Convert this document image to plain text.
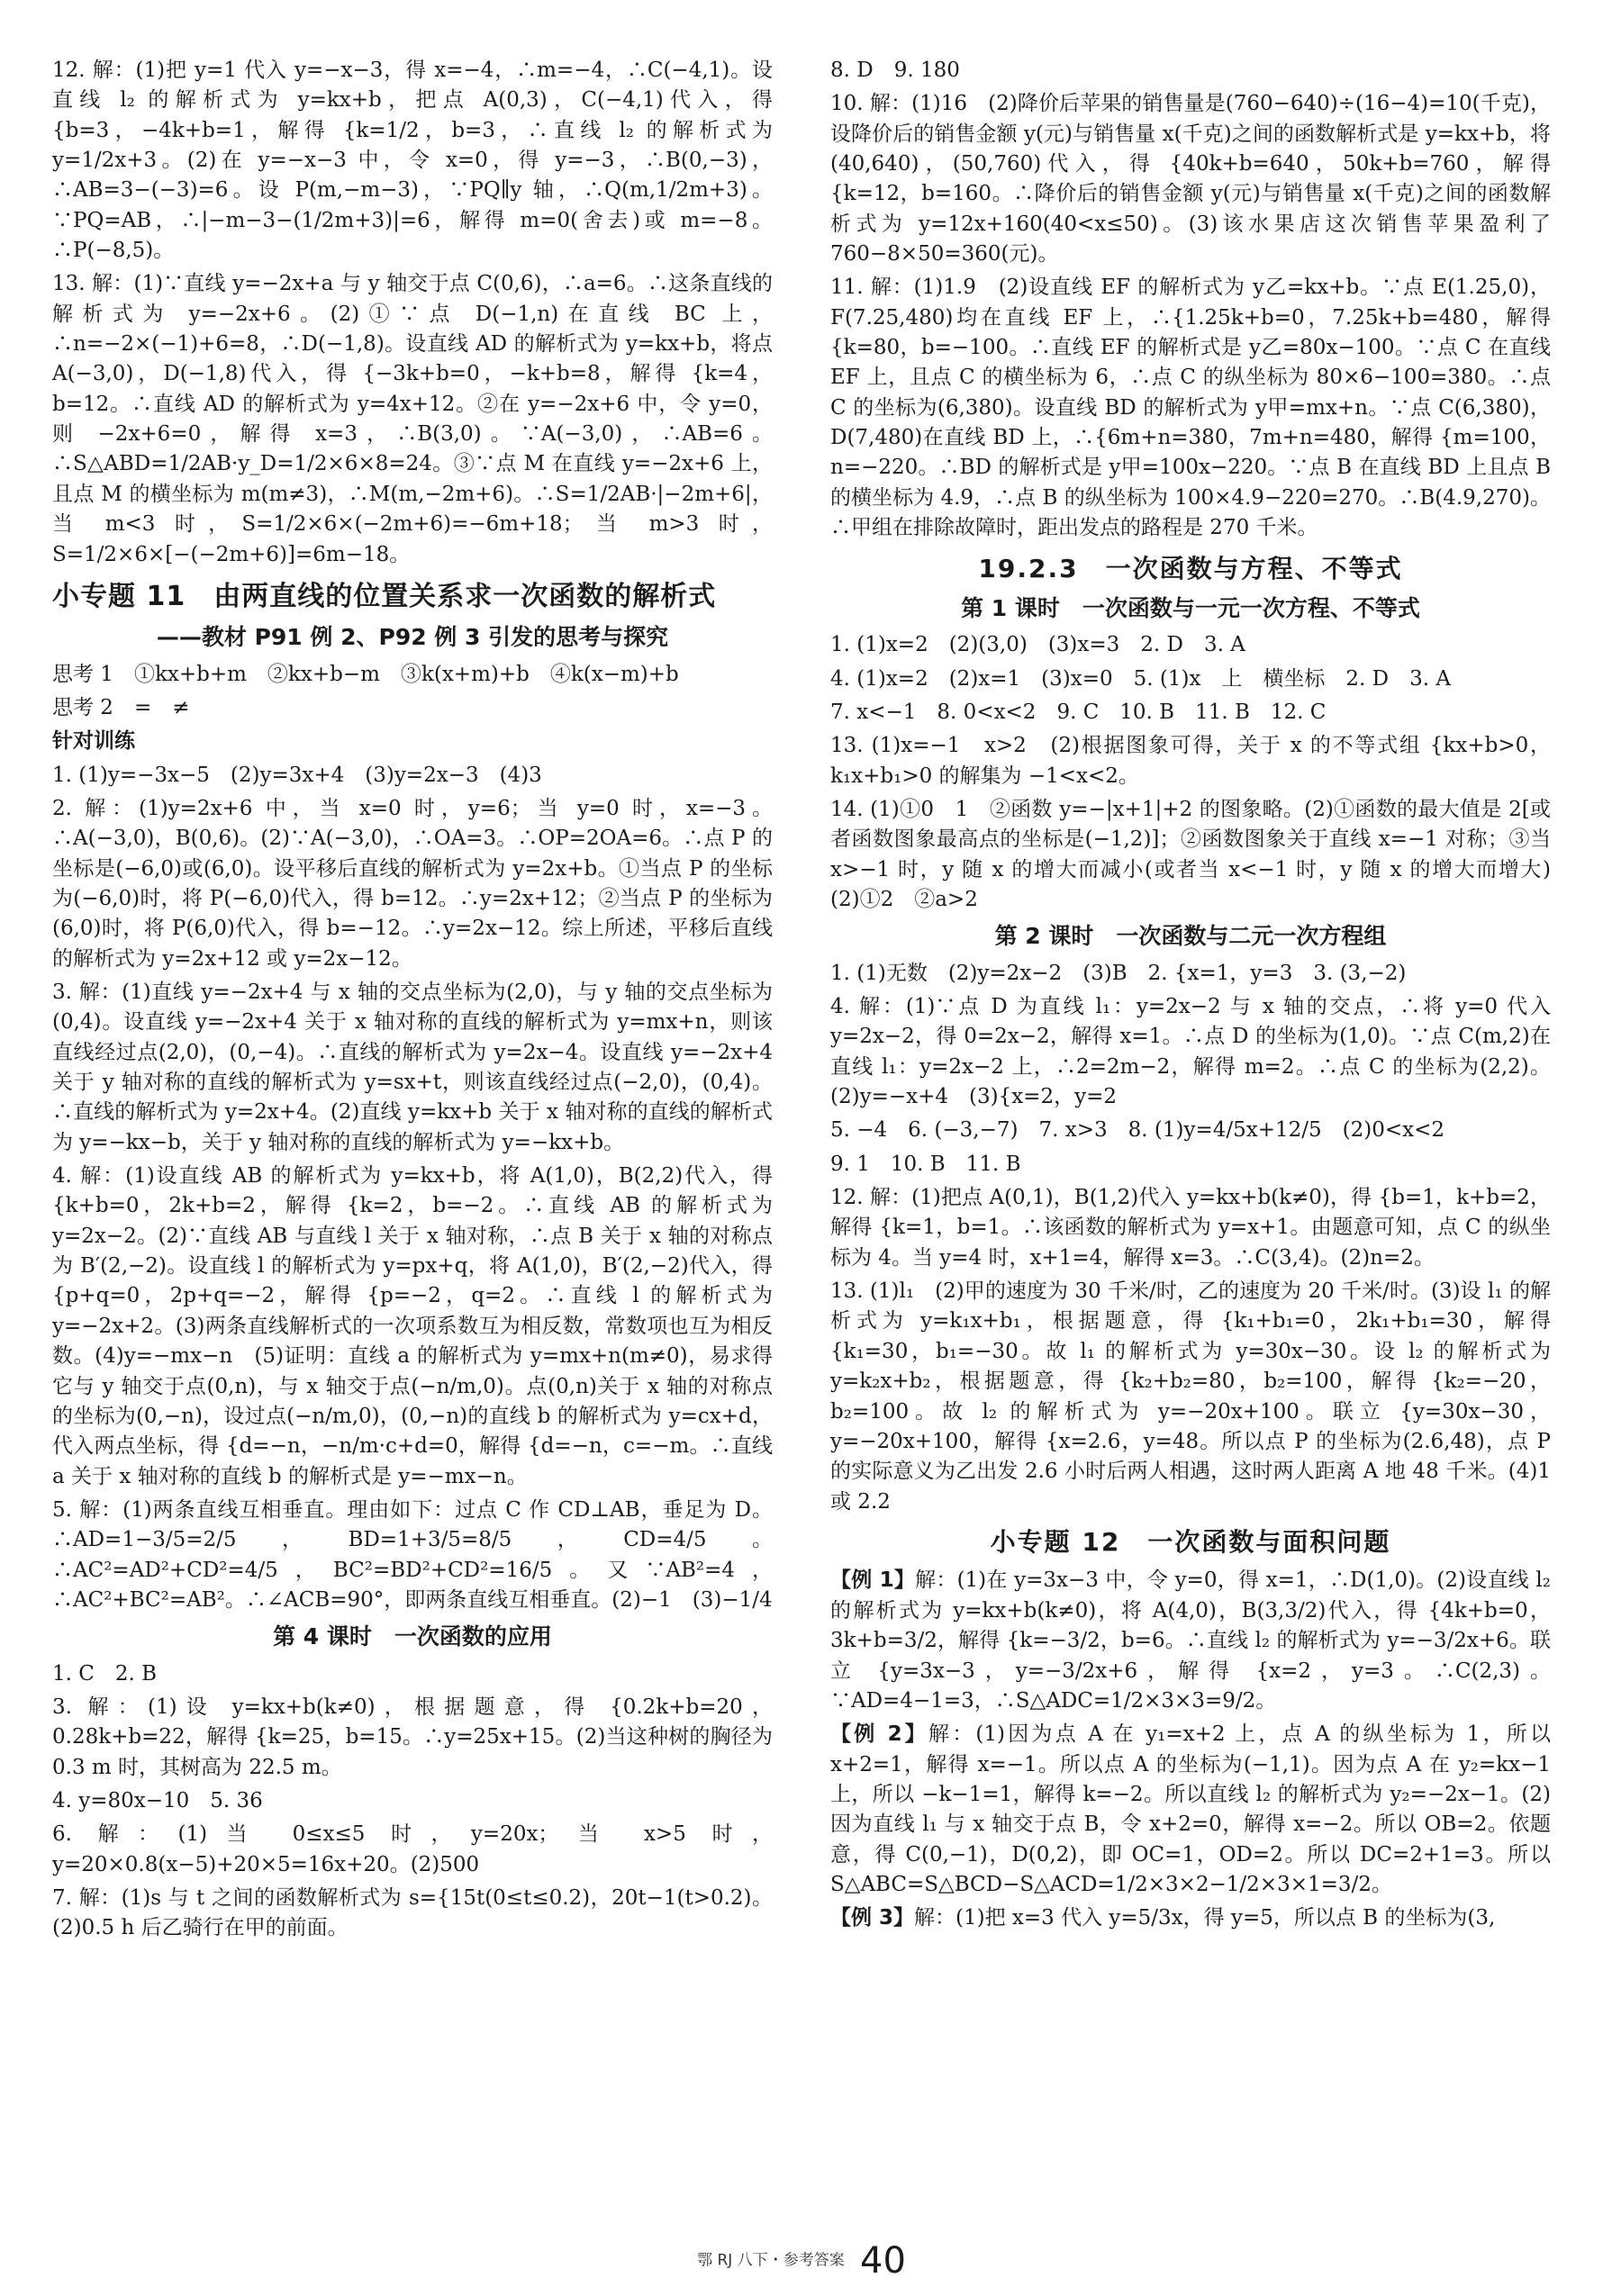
12. 解：(1)把 y=1 代入 y=−x−3，得 x=−4，∴m=−4，∴C(−4,1)。设直线 l₂ 的解析式为 y=kx+b，把点 A(0,3)，C(−4,1)代入，得 {b=3，−4k+b=1，解得 {k=1/2，b=3，∴直线 l₂ 的解析式为 y=1/2x+3。(2)在 y=−x−3 中，令 x=0，得 y=−3，∴B(0,−3)，∴AB=3−(−3)=6。设 P(m,−m−3)，∵PQ∥y 轴，∴Q(m,1/2m+3)。∵PQ=AB，∴|−m−3−(1/2m+3)|=6，解得 m=0(舍去)或 m=−8。∴P(−8,5)。

13. 解：(1)∵直线 y=−2x+a 与 y 轴交于点 C(0,6)，∴a=6。∴这条直线的解析式为 y=−2x+6。(2)①∵点 D(−1,n)在直线 BC 上，∴n=−2×(−1)+6=8，∴D(−1,8)。设直线 AD 的解析式为 y=kx+b，将点 A(−3,0)，D(−1,8)代入，得 {−3k+b=0，−k+b=8，解得 {k=4，b=12。∴直线 AD 的解析式为 y=4x+12。②在 y=−2x+6 中，令 y=0，则 −2x+6=0，解得 x=3，∴B(3,0)。∵A(−3,0)，∴AB=6。∴S△ABD=1/2AB·y_D=1/2×6×8=24。③∵点 M 在直线 y=−2x+6 上，且点 M 的横坐标为 m(m≠3)，∴M(m,−2m+6)。∴S=1/2AB·|−2m+6|，当 m<3 时，S=1/2×6×(−2m+6)=−6m+18；当 m>3 时，S=1/2×6×[−(−2m+6)]=6m−18。

小专题 11　由两直线的位置关系求一次函数的解析式
——教材 P91 例 2、P92 例 3 引发的思考与探究

思考 1　①kx+b+m　②kx+b−m　③k(x+m)+b　④k(x−m)+b

思考 2　=　≠

针对训练

1. (1)y=−3x−5　(2)y=3x+4　(3)y=2x−3　(4)3

2. 解：(1)y=2x+6 中，当 x=0 时，y=6；当 y=0 时，x=−3。∴A(−3,0)，B(0,6)。(2)∵A(−3,0)，∴OA=3。∴OP=2OA=6。∴点 P 的坐标是(−6,0)或(6,0)。设平移后直线的解析式为 y=2x+b。①当点 P 的坐标为(−6,0)时，将 P(−6,0)代入，得 b=12。∴y=2x+12；②当点 P 的坐标为(6,0)时，将 P(6,0)代入，得 b=−12。∴y=2x−12。综上所述，平移后直线的解析式为 y=2x+12 或 y=2x−12。

3. 解：(1)直线 y=−2x+4 与 x 轴的交点坐标为(2,0)，与 y 轴的交点坐标为(0,4)。设直线 y=−2x+4 关于 x 轴对称的直线的解析式为 y=mx+n，则该直线经过点(2,0)，(0,−4)。∴直线的解析式为 y=2x−4。设直线 y=−2x+4 关于 y 轴对称的直线的解析式为 y=sx+t，则该直线经过点(−2,0)，(0,4)。∴直线的解析式为 y=2x+4。(2)直线 y=kx+b 关于 x 轴对称的直线的解析式为 y=−kx−b，关于 y 轴对称的直线的解析式为 y=−kx+b。

4. 解：(1)设直线 AB 的解析式为 y=kx+b，将 A(1,0)，B(2,2)代入，得 {k+b=0，2k+b=2，解得 {k=2，b=−2。∴直线 AB 的解析式为 y=2x−2。(2)∵直线 AB 与直线 l 关于 x 轴对称，∴点 B 关于 x 轴的对称点为 B′(2,−2)。设直线 l 的解析式为 y=px+q，将 A(1,0)，B′(2,−2)代入，得 {p+q=0，2p+q=−2，解得 {p=−2，q=2。∴直线 l 的解析式为 y=−2x+2。(3)两条直线解析式的一次项系数互为相反数，常数项也互为相反数。(4)y=−mx−n　(5)证明：直线 a 的解析式为 y=mx+n(m≠0)，易求得它与 y 轴交于点(0,n)，与 x 轴交于点(−n/m,0)。点(0,n)关于 x 轴的对称点的坐标为(0,−n)，设过点(−n/m,0)，(0,−n)的直线 b 的解析式为 y=cx+d，代入两点坐标，得 {d=−n，−n/m·c+d=0，解得 {d=−n，c=−m。∴直线 a 关于 x 轴对称的直线 b 的解析式是 y=−mx−n。

5. 解：(1)两条直线互相垂直。理由如下：过点 C 作 CD⊥AB，垂足为 D。∴AD=1−3/5=2/5，BD=1+3/5=8/5，CD=4/5。∴AC²=AD²+CD²=4/5，BC²=BD²+CD²=16/5。又∵AB²=4，∴AC²+BC²=AB²。∴∠ACB=90°，即两条直线互相垂直。(2)−1　(3)−1/4

第 4 课时　一次函数的应用

1. C　2. B

3. 解：(1)设 y=kx+b(k≠0)，根据题意，得 {0.2k+b=20，0.28k+b=22，解得 {k=25，b=15。∴y=25x+15。(2)当这种树的胸径为 0.3 m 时，其树高为 22.5 m。

4. y=80x−10　5. 36

6. 解：(1)当 0≤x≤5 时，y=20x；当 x>5 时，y=20×0.8(x−5)+20×5=16x+20。(2)500

7. 解：(1)s 与 t 之间的函数解析式为 s={15t(0≤t≤0.2)，20t−1(t>0.2)。(2)0.5 h 后乙骑行在甲的前面。

8. D　9. 180

10. 解：(1)16　(2)降价后苹果的销售量是(760−640)÷(16−4)=10(千克)，设降价后的销售金额 y(元)与销售量 x(千克)之间的函数解析式是 y=kx+b，将(40,640)，(50,760)代入，得 {40k+b=640，50k+b=760，解得 {k=12，b=160。∴降价后的销售金额 y(元)与销售量 x(千克)之间的函数解析式为 y=12x+160(40<x≤50)。(3)该水果店这次销售苹果盈利了 760−8×50=360(元)。

11. 解：(1)1.9　(2)设直线 EF 的解析式为 y乙=kx+b。∵点 E(1.25,0)，F(7.25,480)均在直线 EF 上，∴{1.25k+b=0，7.25k+b=480，解得 {k=80，b=−100。∴直线 EF 的解析式是 y乙=80x−100。∵点 C 在直线 EF 上，且点 C 的横坐标为 6，∴点 C 的纵坐标为 80×6−100=380。∴点 C 的坐标为(6,380)。设直线 BD 的解析式为 y甲=mx+n。∵点 C(6,380)，D(7,480)在直线 BD 上，∴{6m+n=380，7m+n=480，解得 {m=100，n=−220。∴BD 的解析式是 y甲=100x−220。∵点 B 在直线 BD 上且点 B 的横坐标为 4.9，∴点 B 的纵坐标为 100×4.9−220=270。∴B(4.9,270)。∴甲组在排除故障时，距出发点的路程是 270 千米。

19.2.3　一次函数与方程、不等式
第 1 课时　一次函数与一元一次方程、不等式

1. (1)x=2　(2)(3,0)　(3)x=3　2. D　3. A

4. (1)x=2　(2)x=1　(3)x=0　5. (1)x　上　横坐标　2. D　3. A

7. x<−1　8. 0<x<2　9. C　10. B　11. B　12. C

13. (1)x=−1　x>2　(2)根据图象可得，关于 x 的不等式组 {kx+b>0，k₁x+b₁>0 的解集为 −1<x<2。

14. (1)①0　1　②函数 y=−|x+1|+2 的图象略。(2)①函数的最大值是 2[或者函数图象最高点的坐标是(−1,2)]；②函数图象关于直线 x=−1 对称；③当 x>−1 时，y 随 x 的增大而减小(或者当 x<−1 时，y 随 x 的增大而增大)　(2)①2　②a>2

第 2 课时　一次函数与二元一次方程组

1. (1)无数　(2)y=2x−2　(3)B　2. {x=1，y=3　3. (3,−2)

4. 解：(1)∵点 D 为直线 l₁：y=2x−2 与 x 轴的交点，∴将 y=0 代入 y=2x−2，得 0=2x−2，解得 x=1。∴点 D 的坐标为(1,0)。∵点 C(m,2)在直线 l₁：y=2x−2 上，∴2=2m−2，解得 m=2。∴点 C 的坐标为(2,2)。(2)y=−x+4　(3){x=2，y=2

5. −4　6. (−3,−7)　7. x>3　8. (1)y=4/5x+12/5　(2)0<x<2

9. 1　10. B　11. B

12. 解：(1)把点 A(0,1)，B(1,2)代入 y=kx+b(k≠0)，得 {b=1，k+b=2，解得 {k=1，b=1。∴该函数的解析式为 y=x+1。由题意可知，点 C 的纵坐标为 4。当 y=4 时，x+1=4，解得 x=3。∴C(3,4)。(2)n=2。

13. (1)l₁　(2)甲的速度为 30 千米/时，乙的速度为 20 千米/时。(3)设 l₁ 的解析式为 y=k₁x+b₁，根据题意，得 {k₁+b₁=0，2k₁+b₁=30，解得 {k₁=30，b₁=−30。故 l₁ 的解析式为 y=30x−30。设 l₂ 的解析式为 y=k₂x+b₂，根据题意，得 {k₂+b₂=80，b₂=100，解得 {k₂=−20，b₂=100。故 l₂ 的解析式为 y=−20x+100。联立 {y=30x−30，y=−20x+100，解得 {x=2.6，y=48。所以点 P 的坐标为(2.6,48)，点 P 的实际意义为乙出发 2.6 小时后两人相遇，这时两人距离 A 地 48 千米。(4)1 或 2.2

小专题 12　一次函数与面积问题

【例 1】解：(1)在 y=3x−3 中，令 y=0，得 x=1，∴D(1,0)。(2)设直线 l₂ 的解析式为 y=kx+b(k≠0)，将 A(4,0)，B(3,3/2)代入，得 {4k+b=0，3k+b=3/2，解得 {k=−3/2，b=6。∴直线 l₂ 的解析式为 y=−3/2x+6。联立 {y=3x−3，y=−3/2x+6，解得 {x=2，y=3。∴C(2,3)。∵AD=4−1=3，∴S△ADC=1/2×3×3=9/2。

【例 2】解：(1)因为点 A 在 y₁=x+2 上，点 A 的纵坐标为 1，所以 x+2=1，解得 x=−1。所以点 A 的坐标为(−1,1)。因为点 A 在 y₂=kx−1 上，所以 −k−1=1，解得 k=−2。所以直线 l₂ 的解析式为 y₂=−2x−1。(2)因为直线 l₁ 与 x 轴交于点 B，令 x+2=0，解得 x=−2。所以 OB=2。依题意，得 C(0,−1)，D(0,2)，即 OC=1，OD=2。所以 DC=2+1=3。所以 S△ABC=S△BCD−S△ACD=1/2×3×2−1/2×3×1=3/2。

【例 3】解：(1)把 x=3 代入 y=5/3x，得 y=5，所以点 B 的坐标为(3,

鄂 RJ 八下・参考答案 40
